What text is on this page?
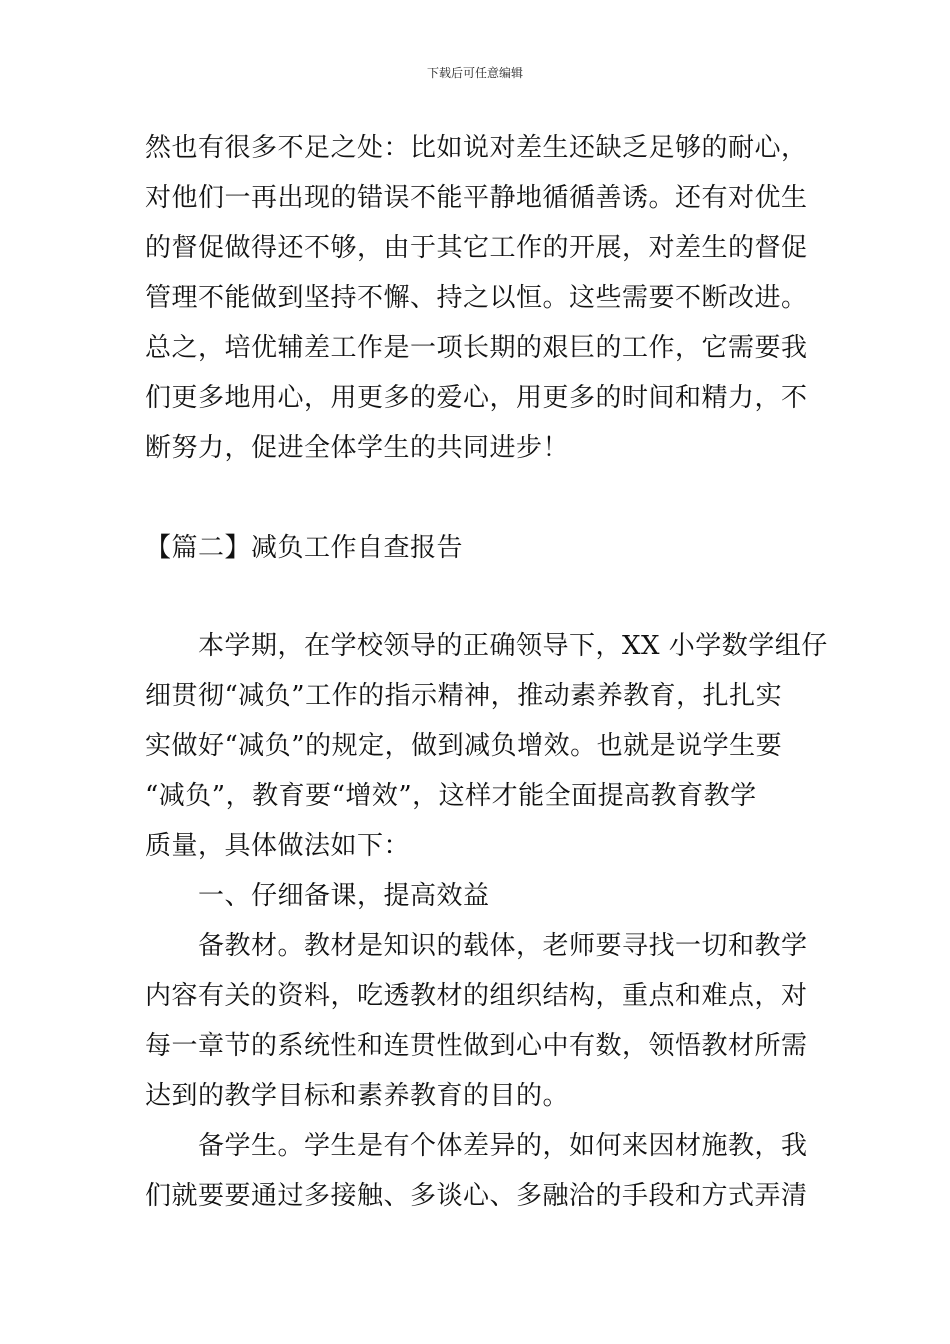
下载后可任意编辑
然也有很多不足之处：比如说对差生还缺乏足够的耐心，
对他们一再出现的错误不能平静地循循善诱。还有对优生
的督促做得还不够，由于其它工作的开展，对差生的督促
管理不能做到坚持不懈、持之以恒。这些需要不断改进。
总之，培优辅差工作是一项长期的艰巨的工作，它需要我
们更多地用心，用更多的爱心，用更多的时间和精力，不
断努力，促进全体学生的共同进步！
【篇二】减负工作自查报告
本学期，在学校领导的正确领导下，XX 小学数学组仔
细贯彻“减负”工作的指示精神，推动素养教育，扎扎实
实做好“减负”的规定，做到减负增效。也就是说学生要
“减负”，教育要“增效”，这样才能全面提高教育教学
质量，具体做法如下：
一、仔细备课，提高效益
备教材。教材是知识的载体，老师要寻找一切和教学
内容有关的资料，吃透教材的组织结构，重点和难点，对
每一章节的系统性和连贯性做到心中有数，领悟教材所需
达到的教学目标和素养教育的目的。
备学生。学生是有个体差异的，如何来因材施教，我
们就要要通过多接触、多谈心、多融洽的手段和方式弄清
